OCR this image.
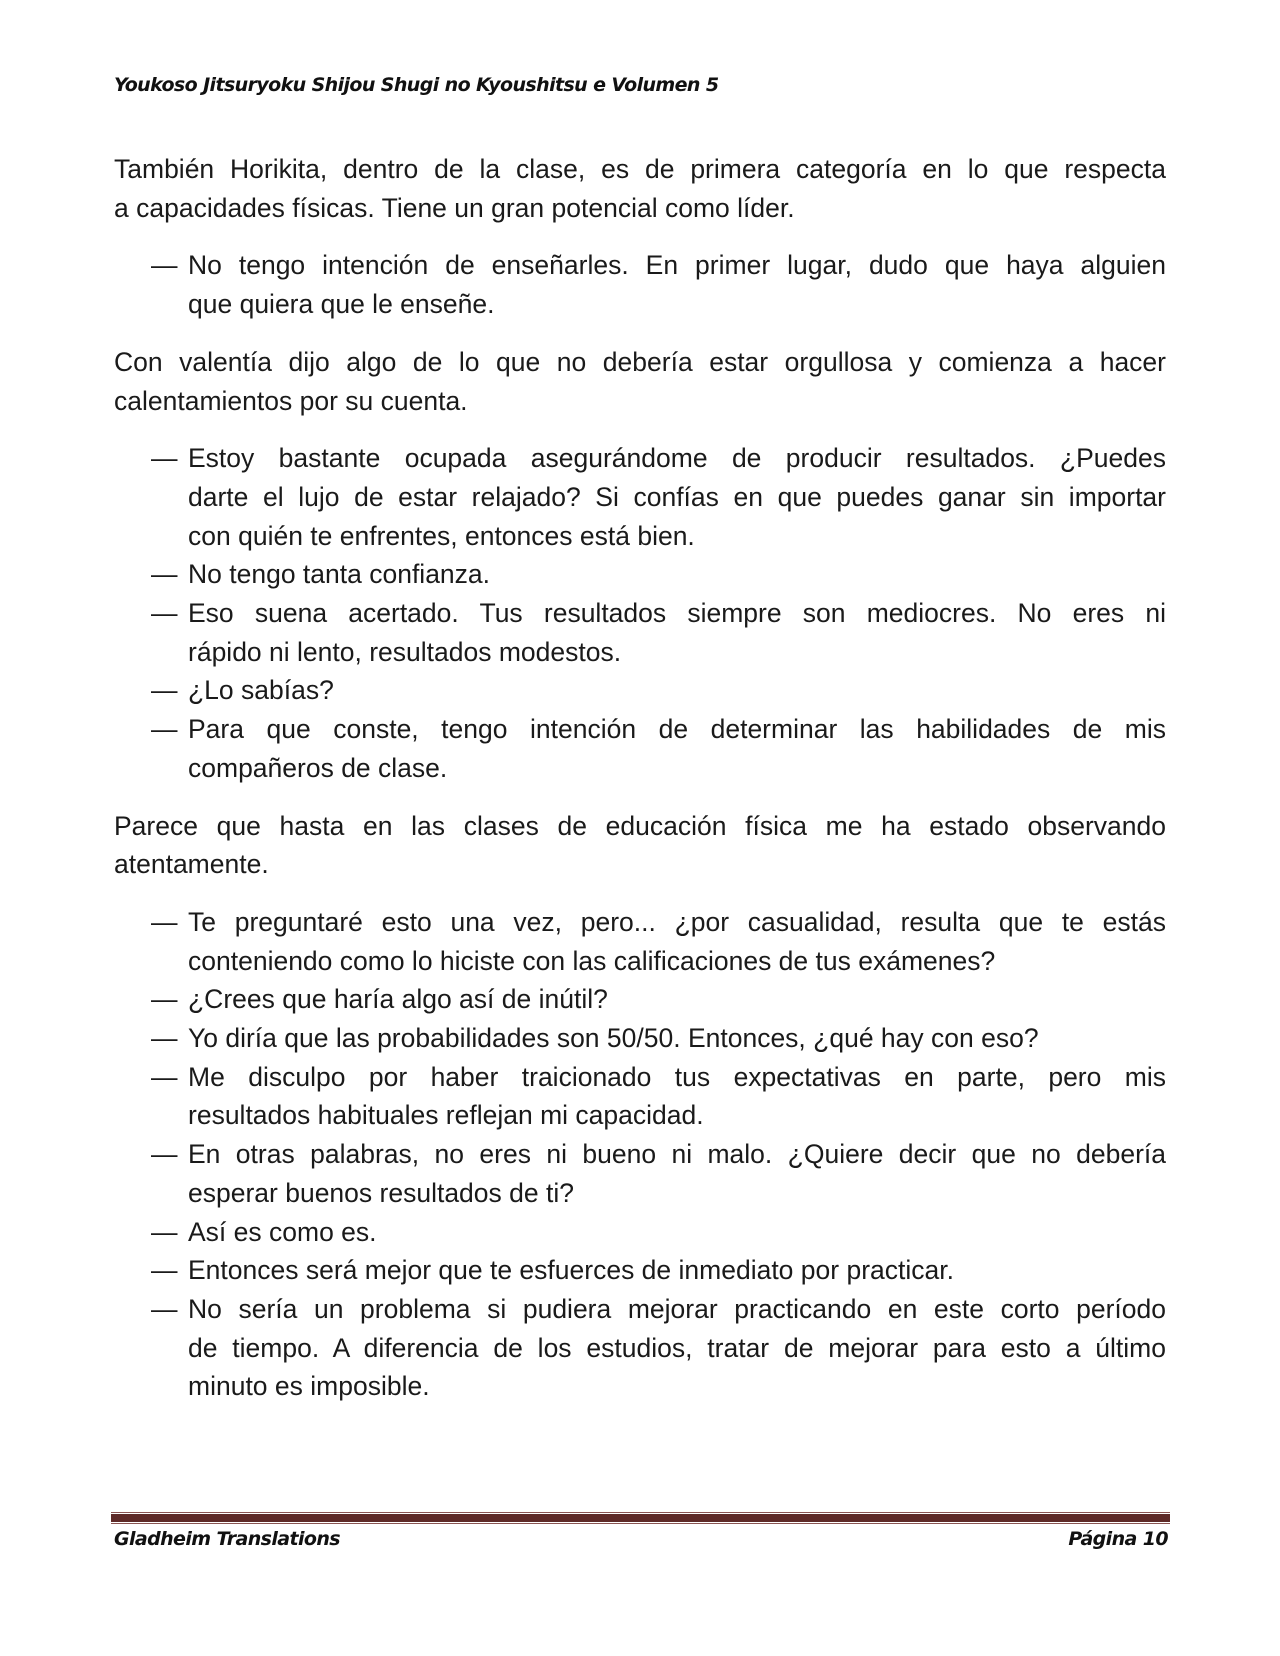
Youkoso Jitsuryoku Shijou Shugi no Kyoushitsu e Volumen 5
También Horikita, dentro de la clase, es de primera categoría en lo que respecta
a capacidades físicas. Tiene un gran potencial como líder.
— No tengo intención de enseñarles. En primer lugar, dudo que haya alguien
que quiera que le enseñe.
Con valentía dijo algo de lo que no debería estar orgullosa y comienza a hacer
calentamientos por su cuenta.
— Estoy bastante ocupada asegurándome de producir resultados. ¿Puedes
darte el lujo de estar relajado? Si confías en que puedes ganar sin importar
con quién te enfrentes, entonces está bien.
— No tengo tanta confianza.
— Eso suena acertado. Tus resultados siempre son mediocres. No eres ni
rápido ni lento, resultados modestos.
— ¿Lo sabías?
— Para que conste, tengo intención de determinar las habilidades de mis
compañeros de clase.
Parece que hasta en las clases de educación física me ha estado observando
atentamente.
— Te preguntaré esto una vez, pero... ¿por casualidad, resulta que te estás
conteniendo como lo hiciste con las calificaciones de tus exámenes?
— ¿Crees que haría algo así de inútil?
— Yo diría que las probabilidades son 50/50. Entonces, ¿qué hay con eso?
— Me disculpo por haber traicionado tus expectativas en parte, pero mis
resultados habituales reflejan mi capacidad.
— En otras palabras, no eres ni bueno ni malo. ¿Quiere decir que no debería
esperar buenos resultados de ti?
— Así es como es.
— Entonces será mejor que te esfuerces de inmediato por practicar.
— No sería un problema si pudiera mejorar practicando en este corto período
de tiempo. A diferencia de los estudios, tratar de mejorar para esto a último
minuto es imposible.
Gladheim Translations	Página 10
